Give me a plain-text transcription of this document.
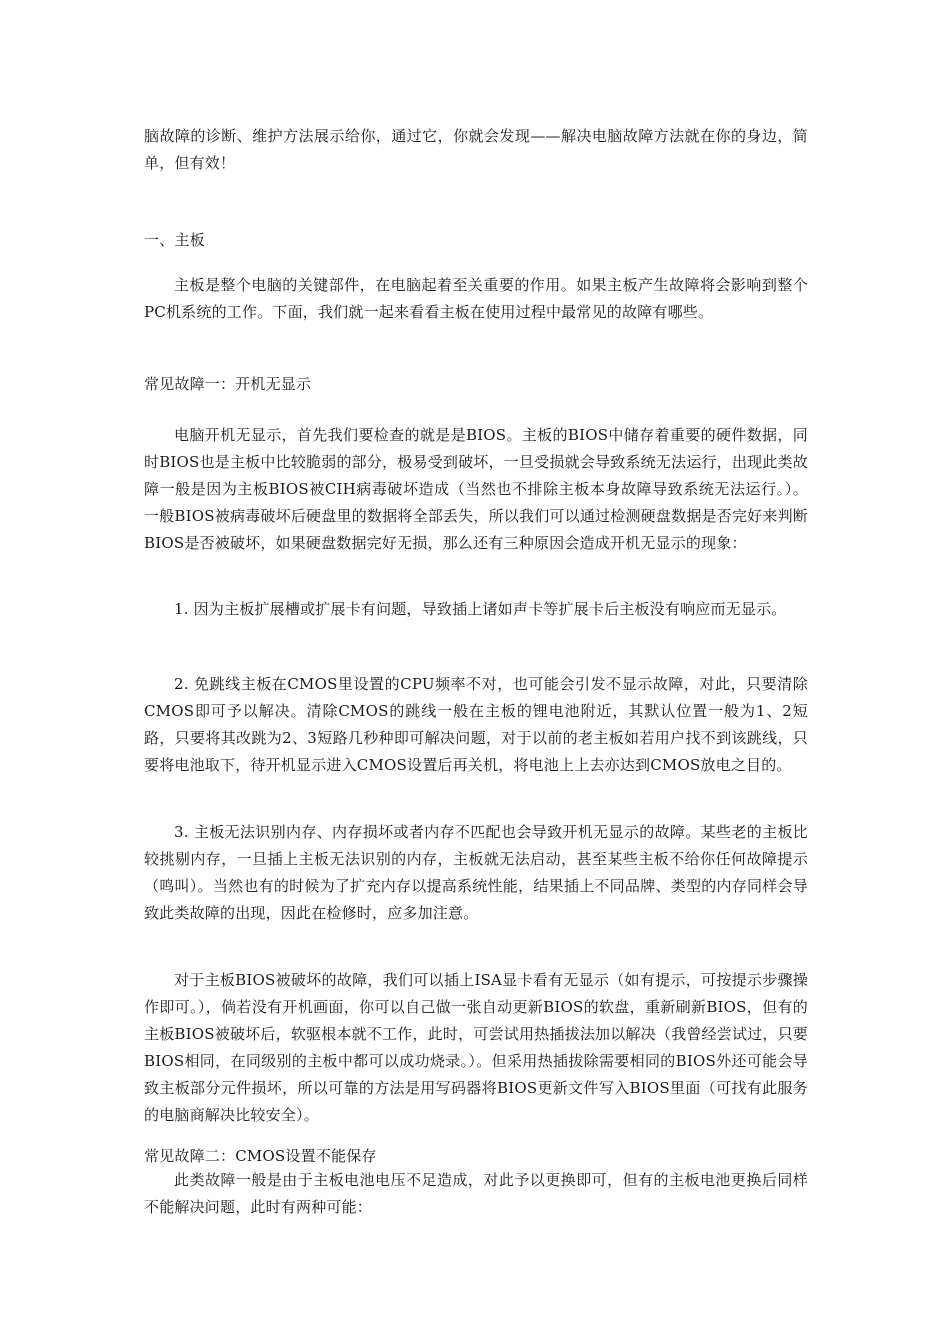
脑故障的诊断、维护方法展示给你，通过它，你就会发现——解决电脑故障方法就在你的身边，简单，但有效！

一、主板

主板是整个电脑的关键部件，在电脑起着至关重要的作用。如果主板产生故障将会影响到整个PC机系统的工作。下面，我们就一起来看看主板在使用过程中最常见的故障有哪些。

常见故障一：开机无显示

电脑开机无显示，首先我们要检查的就是是BIOS。主板的BIOS中储存着重要的硬件数据，同时BIOS也是主板中比较脆弱的部分，极易受到破坏，一旦受损就会导致系统无法运行，出现此类故障一般是因为主板BIOS被CIH病毒破坏造成（当然也不排除主板本身故障导致系统无法运行。）。一般BIOS被病毒破坏后硬盘里的数据将全部丢失，所以我们可以通过检测硬盘数据是否完好来判断BIOS是否被破坏，如果硬盘数据完好无损，那么还有三种原因会造成开机无显示的现象：

1. 因为主板扩展槽或扩展卡有问题，导致插上诸如声卡等扩展卡后主板没有响应而无显示。

2. 免跳线主板在CMOS里设置的CPU频率不对，也可能会引发不显示故障，对此，只要清除CMOS即可予以解决。清除CMOS的跳线一般在主板的锂电池附近，其默认位置一般为1、2短路，只要将其改跳为2、3短路几秒种即可解决问题，对于以前的老主板如若用户找不到该跳线，只要将电池取下，待开机显示进入CMOS设置后再关机，将电池上上去亦达到CMOS放电之目的。

3. 主板无法识别内存、内存损坏或者内存不匹配也会导致开机无显示的故障。某些老的主板比较挑剔内存，一旦插上主板无法识别的内存，主板就无法启动，甚至某些主板不给你任何故障提示（鸣叫）。当然也有的时候为了扩充内存以提高系统性能，结果插上不同品牌、类型的内存同样会导致此类故障的出现，因此在检修时，应多加注意。

对于主板BIOS被破坏的故障，我们可以插上ISA显卡看有无显示（如有提示，可按提示步骤操作即可。），倘若没有开机画面，你可以自己做一张自动更新BIOS的软盘，重新刷新BIOS，但有的主板BIOS被破坏后，软驱根本就不工作，此时，可尝试用热插拔法加以解决（我曾经尝试过，只要BIOS相同，在同级别的主板中都可以成功烧录。）。但采用热插拔除需要相同的BIOS外还可能会导致主板部分元件损坏，所以可靠的方法是用写码器将BIOS更新文件写入BIOS里面（可找有此服务的电脑商解决比较安全）。

常见故障二：CMOS设置不能保存

此类故障一般是由于主板电池电压不足造成，对此予以更换即可，但有的主板电池更换后同样不能解决问题，此时有两种可能：
